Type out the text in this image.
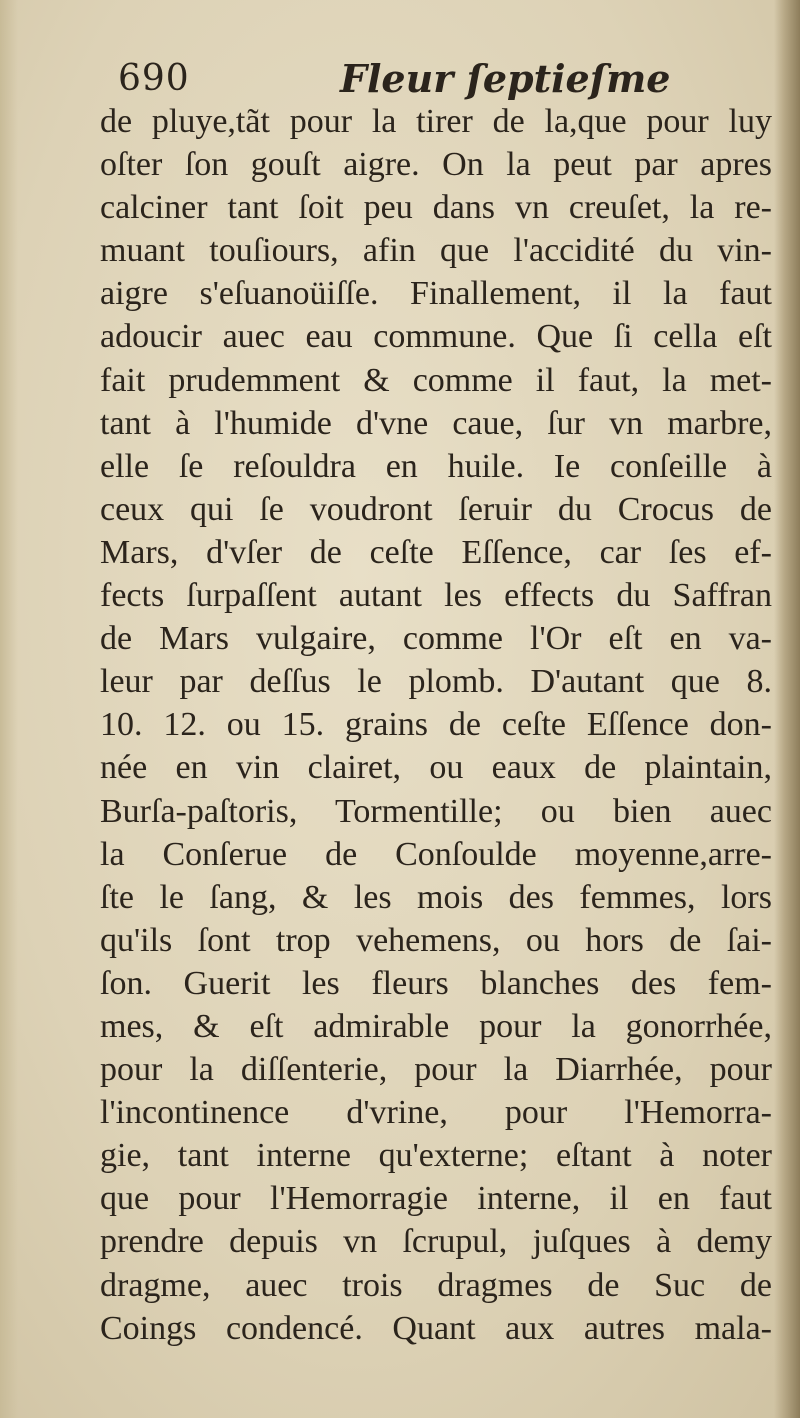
690	Fleur ſeptieſme
de pluye,tãt pour la tirer de la,que pour luy
oſter ſon gouſt aigre. On la peut par apres
calciner tant ſoit peu dans vn creuſet, la re-
muant touſiours, afin que l'accidité du vin-
aigre s'eſuanoüiſſe. Finallement, il la faut
adoucir auec eau commune. Que ſi cella eſt
fait prudemment & comme il faut, la met-
tant à l'humide d'vne caue, ſur vn marbre,
elle ſe reſouldra en huile. Ie conſeille à
ceux qui ſe voudront ſeruir du Crocus de
Mars, d'vſer de ceſte Eſſence, car ſes ef-
fects ſurpaſſent autant les effects du Saffran
de Mars vulgaire, comme l'Or eſt en va-
leur par deſſus le plomb. D'autant que 8.
10. 12. ou 15. grains de ceſte Eſſence don-
née en vin clairet, ou eaux de plaintain,
Burſa-paſtoris, Tormentille; ou bien auec
la Conſerue de Conſoulde moyenne,arre-
ſte le ſang, & les mois des femmes, lors
qu'ils ſont trop vehemens, ou hors de ſai-
ſon. Guerit les fleurs blanches des fem-
mes, & eſt admirable pour la gonorrhée,
pour la diſſenterie, pour la Diarrhée, pour
l'incontinence d'vrine, pour l'Hemorra-
gie, tant interne qu'externe; eſtant à noter
que pour l'Hemorragie interne, il en faut
prendre depuis vn ſcrupul, juſques à demy
dragme, auec trois dragmes de Suc de
Coings condencé. Quant aux autres mala-
